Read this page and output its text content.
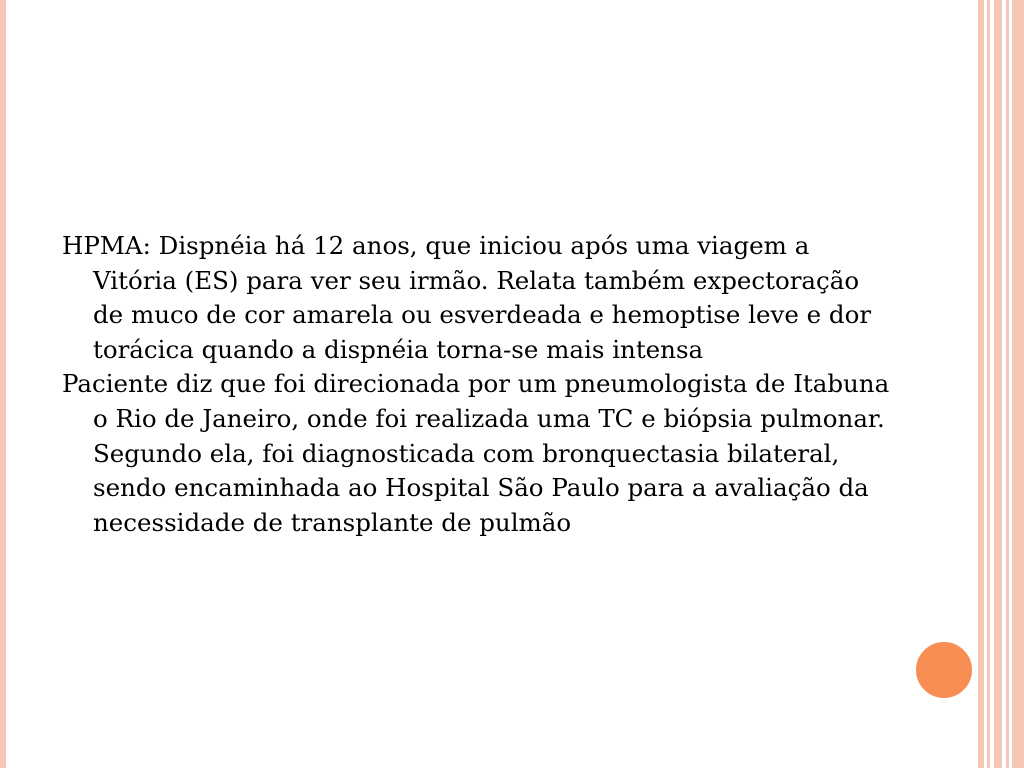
HPMA: Dispnéia há 12 anos, que iniciou após uma viagem a Vitória (ES) para ver seu irmão. Relata também expectoração de muco de cor amarela ou esverdeada e hemoptise leve e dor torácica quando a dispnéia torna-se mais intensa

Paciente diz que foi direcionada por um pneumologista de Itabuna o Rio de Janeiro, onde foi realizada uma TC e biópsia pulmonar. Segundo ela, foi diagnosticada com bronquectasia bilateral, sendo encaminhada ao Hospital São Paulo para a avaliação da necessidade de transplante de pulmão
